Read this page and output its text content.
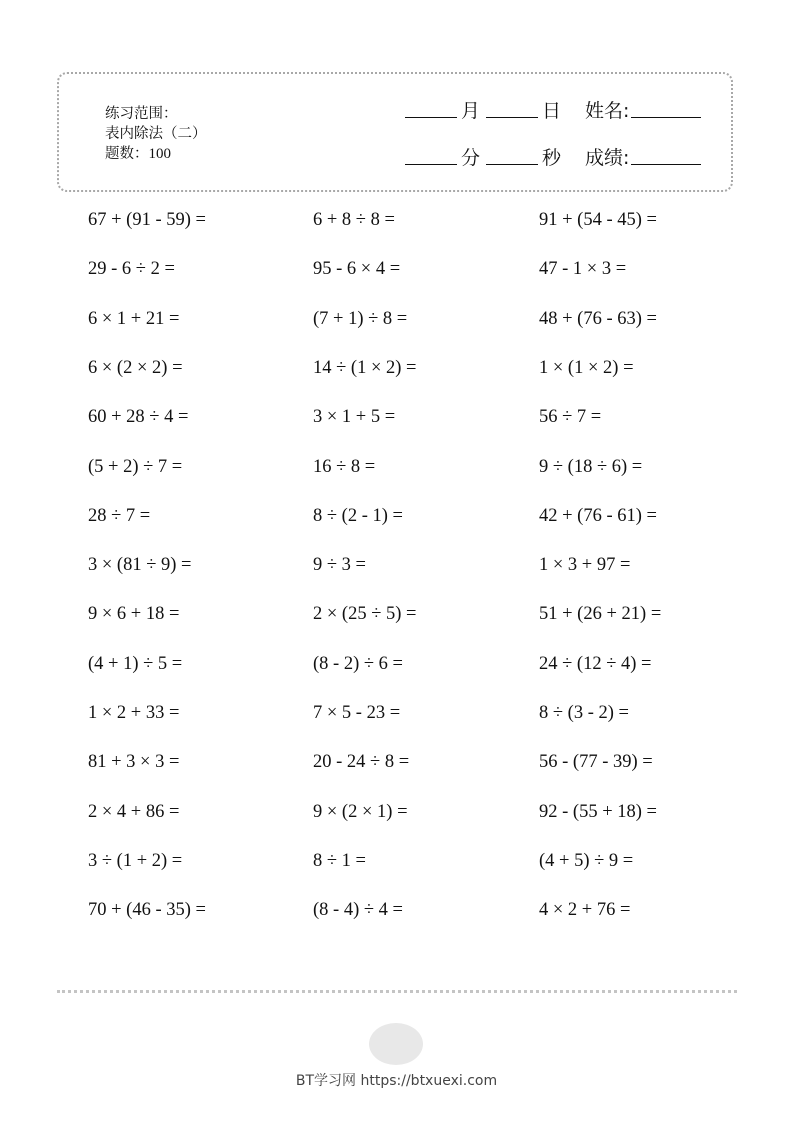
练习范围：
表内除法（二）
题数：100
月	日 姓名:
分	秒 成绩:
67 + (91 - 59) =	6 + 8 ÷ 8 =	91 + (54 - 45) =
29 - 6 ÷ 2 =	95 - 6 × 4 =	47 - 1 × 3 =
6 × 1 + 21 =	(7 + 1) ÷ 8 =	48 + (76 - 63) =
6 × (2 × 2) =	14 ÷ (1 × 2) =	1 × (1 × 2) =
60 + 28 ÷ 4 =	3 × 1 + 5 =	56 ÷ 7 =
(5 + 2) ÷ 7 =	16 ÷ 8 =	9 ÷ (18 ÷ 6) =
28 ÷ 7 =	8 ÷ (2 - 1) =	42 + (76 - 61) =
3 × (81 ÷ 9) =	9 ÷ 3 =	1 × 3 + 97 =
9 × 6 + 18 =	2 × (25 ÷ 5) =	51 + (26 + 21) =
(4 + 1) ÷ 5 =	(8 - 2) ÷ 6 =	24 ÷ (12 ÷ 4) =
1 × 2 + 33 =	7 × 5 - 23 =	8 ÷ (3 - 2) =
81 + 3 × 3 =	20 - 24 ÷ 8 =	56 - (77 - 39) =
2 × 4 + 86 =	9 × (2 × 1) =	92 - (55 + 18) =
3 ÷ (1 + 2) =	8 ÷ 1 =	(4 + 5) ÷ 9 =
70 + (46 - 35) =	(8 - 4) ÷ 4 =	4 × 2 + 76 =
BT学习网 https://btxuexi.com
